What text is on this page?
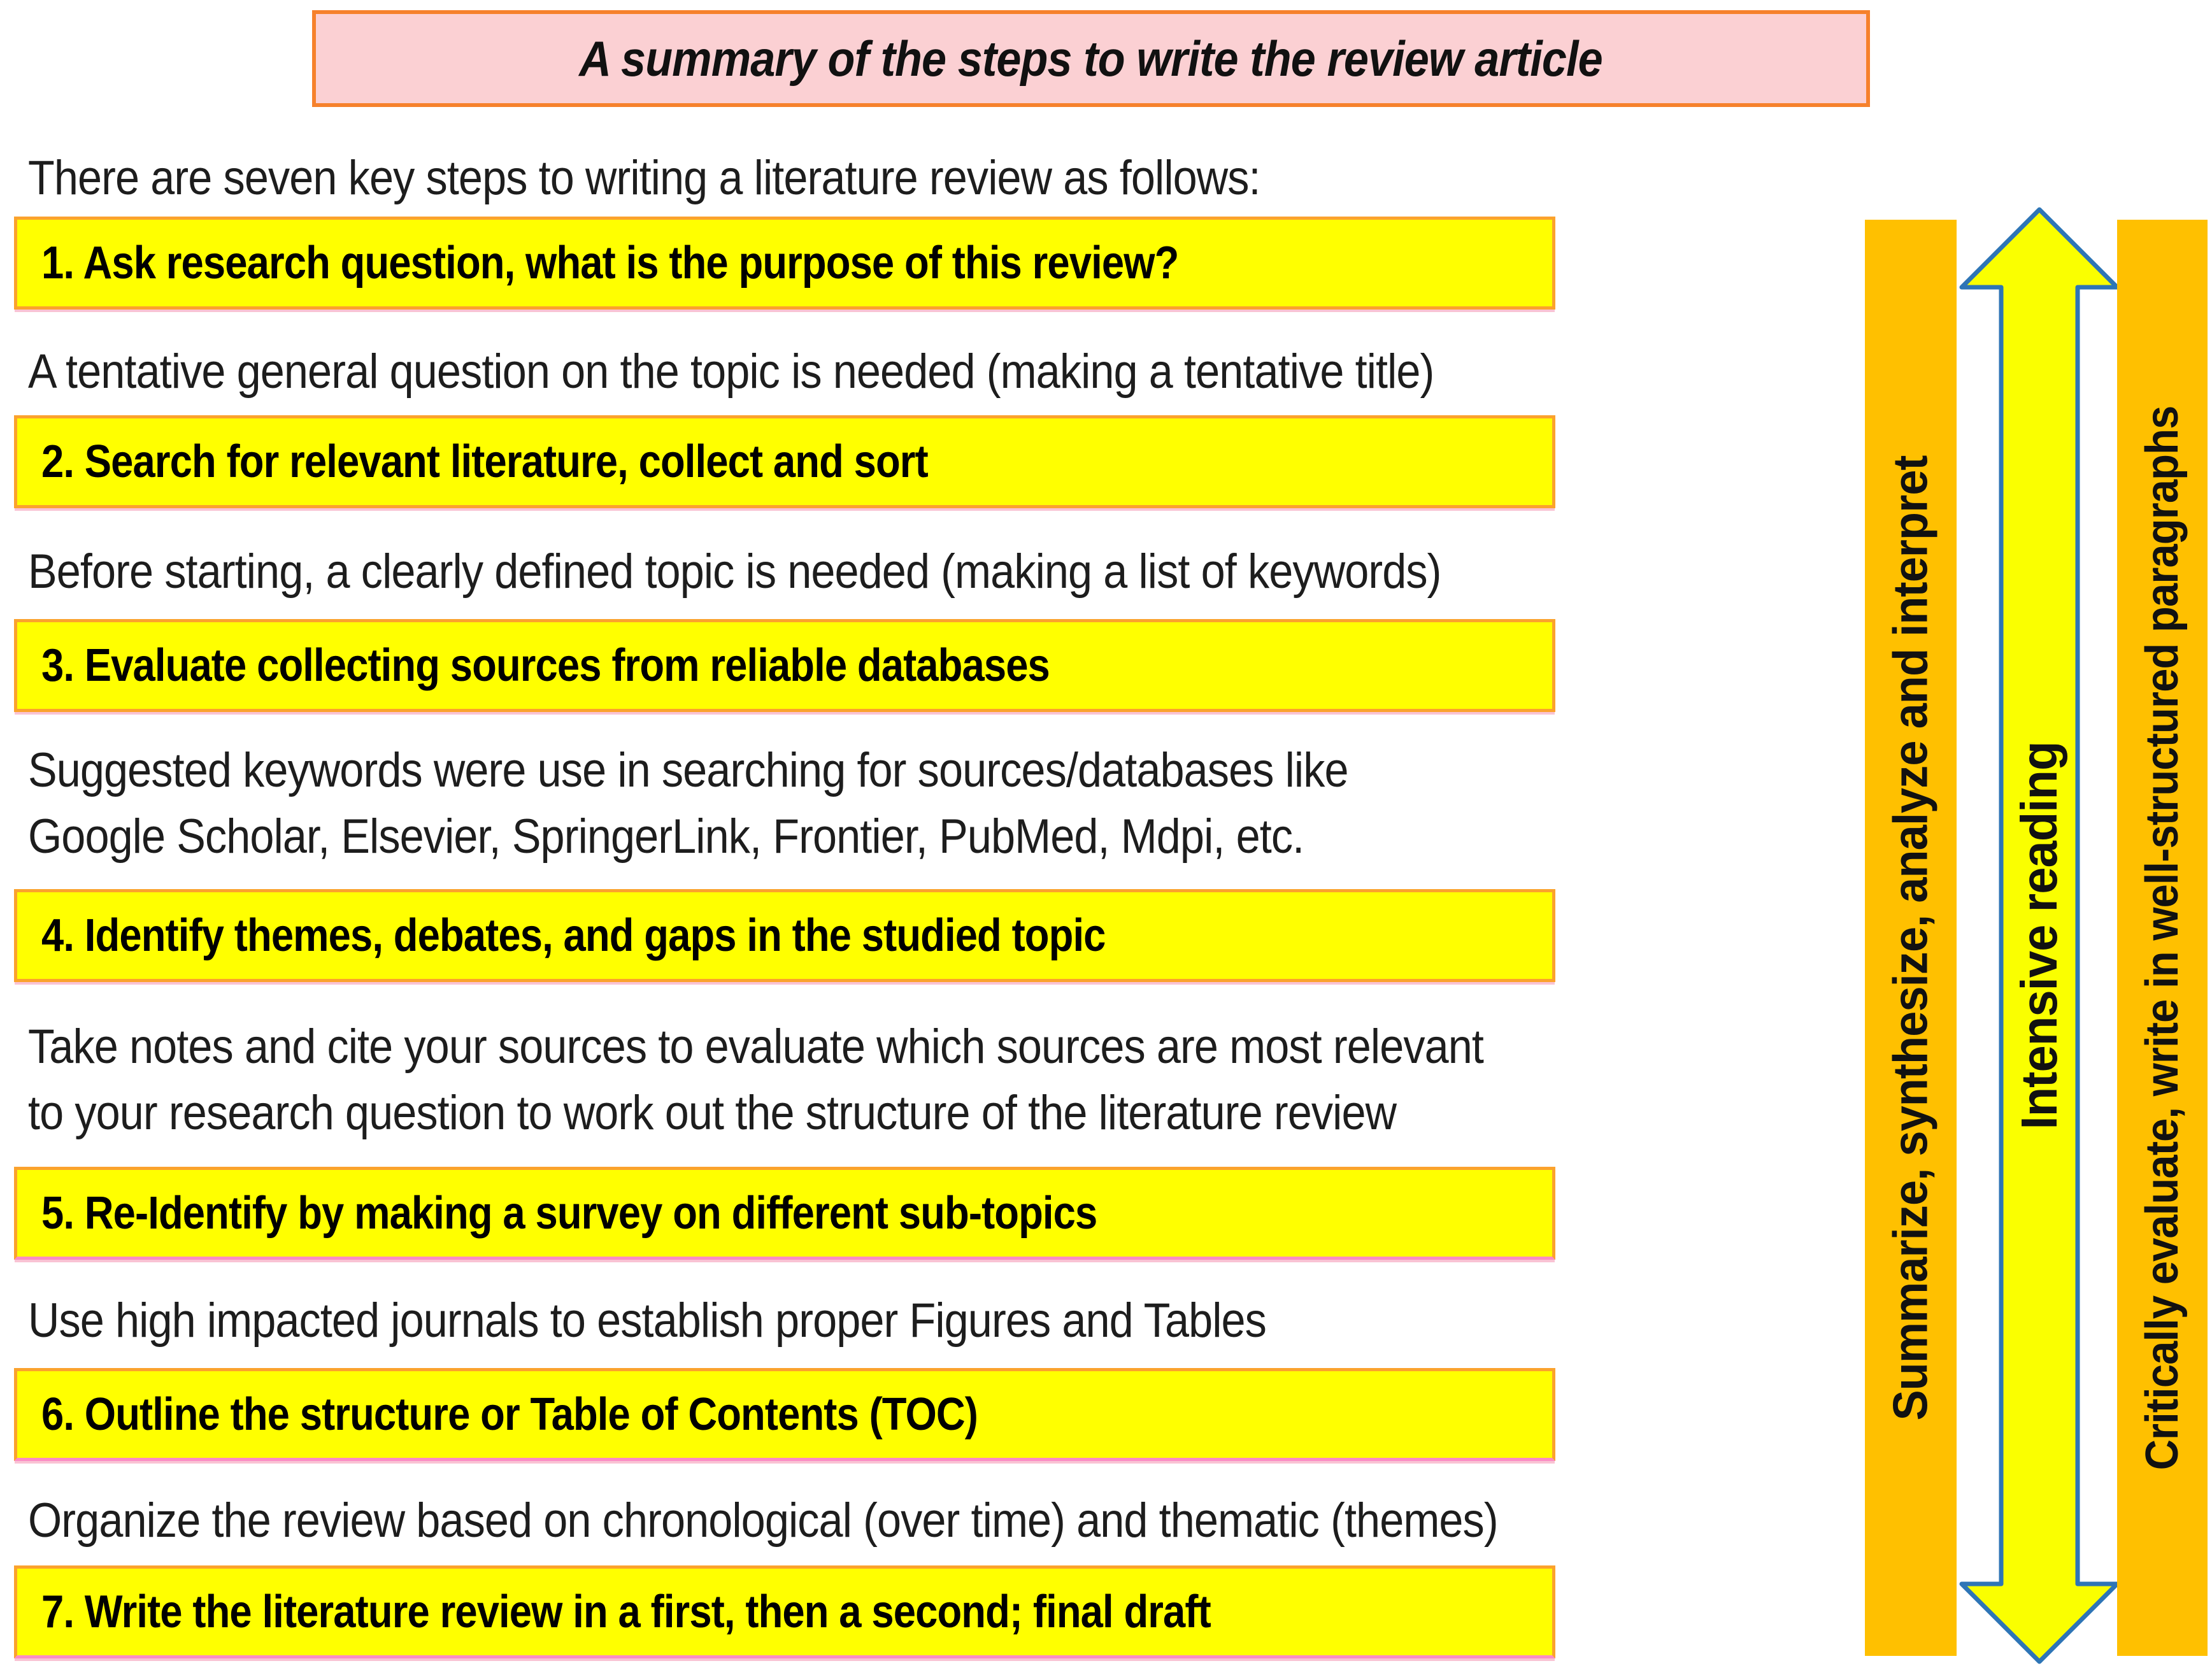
A summary of the steps to write the review article
There are seven key steps to writing a literature review as follows:
1. Ask research question, what is the purpose of this review?
A tentative general question on the topic is needed (making a tentative title)
2. Search for relevant literature, collect and sort
Before starting, a clearly defined topic is needed (making a list of keywords)
3. Evaluate collecting sources from reliable databases
Suggested keywords were use in searching for sources/databases like
Google Scholar, Elsevier, SpringerLink, Frontier, PubMed, Mdpi, etc.
4. Identify themes, debates, and gaps in the studied topic
Take notes and cite your sources to evaluate which sources are most relevant
to your research question to work out the structure of the literature review
5. Re-Identify by making a survey on different sub-topics
Use high impacted journals to establish proper Figures and Tables
6. Outline the structure or Table of Contents (TOC)
Organize the review based on chronological (over time) and thematic (themes)
7. Write the literature review in a first, then a second; final draft
Summarize, synthesize, analyze and interpret Intensive reading Critically evaluate, write in well-structured paragraphs
